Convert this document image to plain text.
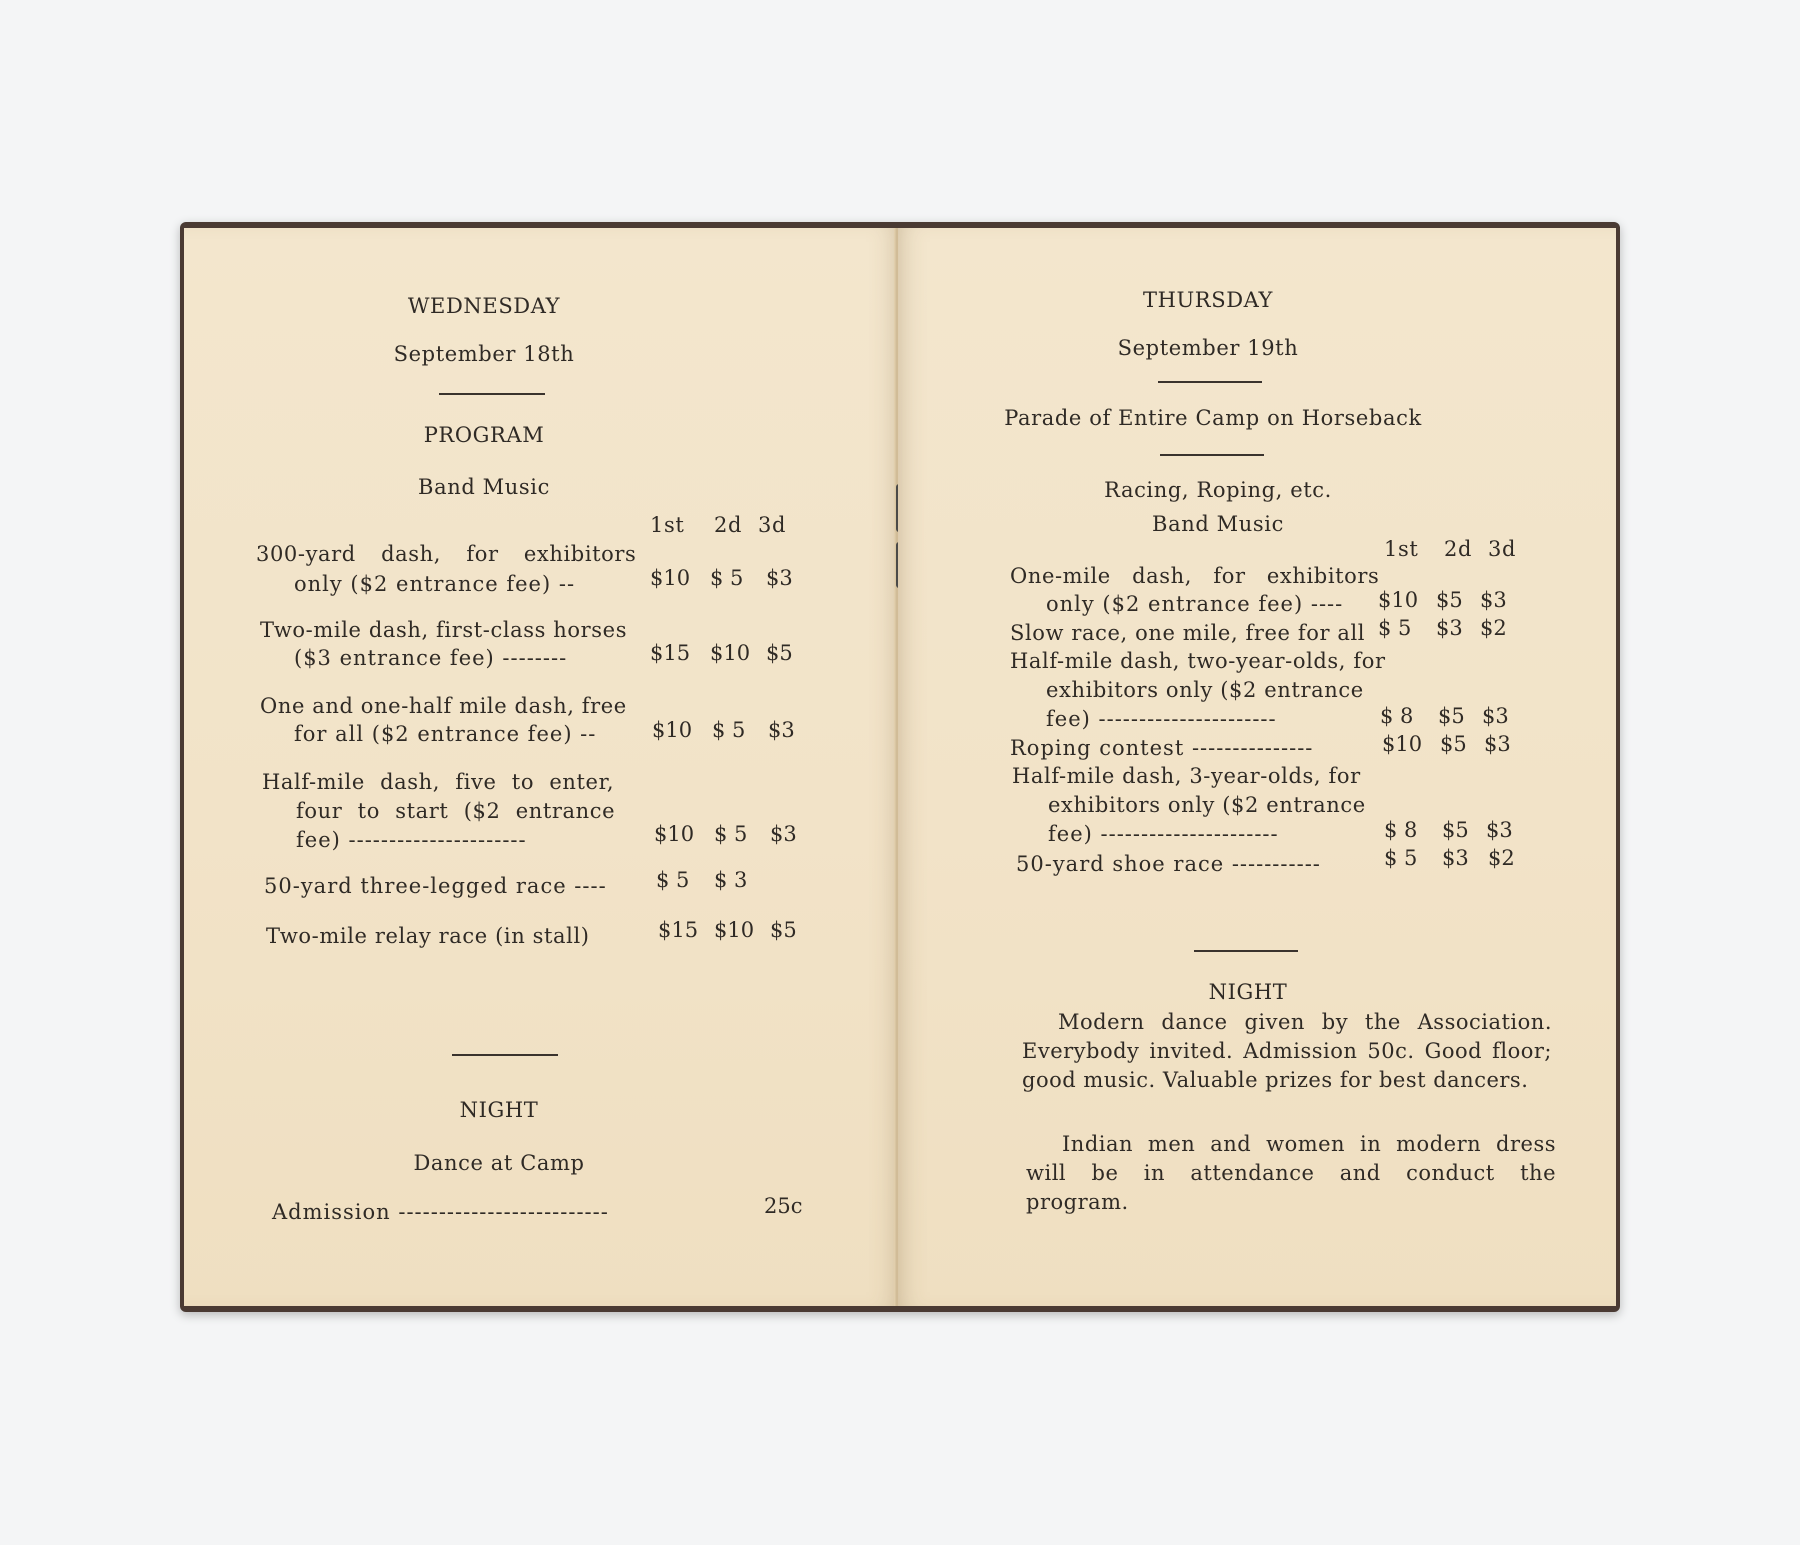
WEDNESDAY
September 18th
PROGRAM
Band Music
1st 2d 3d
300-yard dash, for exhibitors
only ($2 entrance fee) --	$10 $ 5 $3
Two-mile dash, first-class horses
($3 entrance fee) --------	$15 $10 $5
One and one-half mile dash, free
for all ($2 entrance fee) --	$10 $ 5 $3
Half-mile dash, five to enter,
four to start ($2 entrance
fee) ----------------------	$10 $ 5 $3
50-yard three-legged race ---- $ 5 $ 3
Two-mile relay race (in stall)	$15 $10 $5
NIGHT
Dance at Camp
Admission --------------------------	25c
THURSDAY
September 19th
Parade of Entire Camp on Horseback
Racing, Roping, etc.
Band Music
1st 2d 3d
One-mile dash, for exhibitors
only ($2 entrance fee) ---- $10 $5 $3
Slow race, one mile, free for all $ 5 $3 $2
Half-mile dash, two-year-olds, for
exhibitors only ($2 entrance
fee) ----------------------	$ 8 $5 $3
Roping contest ---------------	$10 $5 $3
Half-mile dash, 3-year-olds, for
exhibitors only ($2 entrance
fee) ----------------------	$ 8 $5 $3
50-yard shoe race -----------	$ 5 $3 $2
NIGHT
Modern dance given by the Association. Everybody invited. Admission 50c. Good floor; good music. Valuable prizes for best dancers.
Indian men and women in modern dress will be in attendance and conduct the program.
